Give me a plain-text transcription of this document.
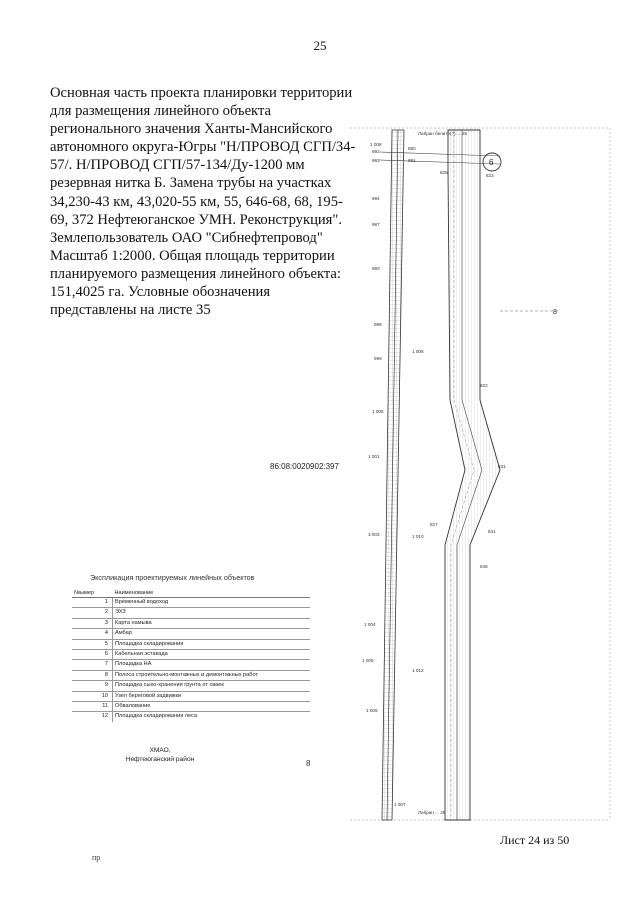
25
Основная часть проекта планировки территории
для размещения линейного объекта
регионального значения Ханты-Мансийского
автономного округа-Югры "Н/ПРОВОД СГП/34-
57/. Н/ПРОВОД СГП/57-134/Ду-1200 мм
резервная нитка Б. Замена трубы на участках
34,230-43 км, 43,020-55 км, 55, 646-68, 68, 195-
69, 372 Нефтеюганское УМН. Реконструкция".
Землепользователь ОАО "Сибнефтепровод"
Масштаб 1:2000. Общая площадь территории
планируемого размещения линейного объекта:
151,4025 га. Условные обозначения
представлены на листе 35
6
8
8
Лабран белите(?) ... 25
Лабран ... 25
1 008
992
993
994
987
990
998
999
1 006
1 001
1 003
1 004
1 005
1 006
880
881
1 007
1 008
1 010
1 012
825
822
831
827
841
846
823
86:08:0020902:397
Экспликация проектируемых линейных объектов
№ымер	Наименование
1	Временный водоход
2	ЭХЗ
3	Карта намыва
4	Амбар
5	Площадка складирования
6	Кабельная эстакада
7	Площадка НА
8	Полоса строительно-монтажных и демонтажных работ
9	Площадка сыхо-хранения грунта от сваек
10	Узел береговой задвижки
11	Обвалование
12	Площадка складирования леса
ХМАО,
Нефтеюганский район
Лист 24 из 50
пр
